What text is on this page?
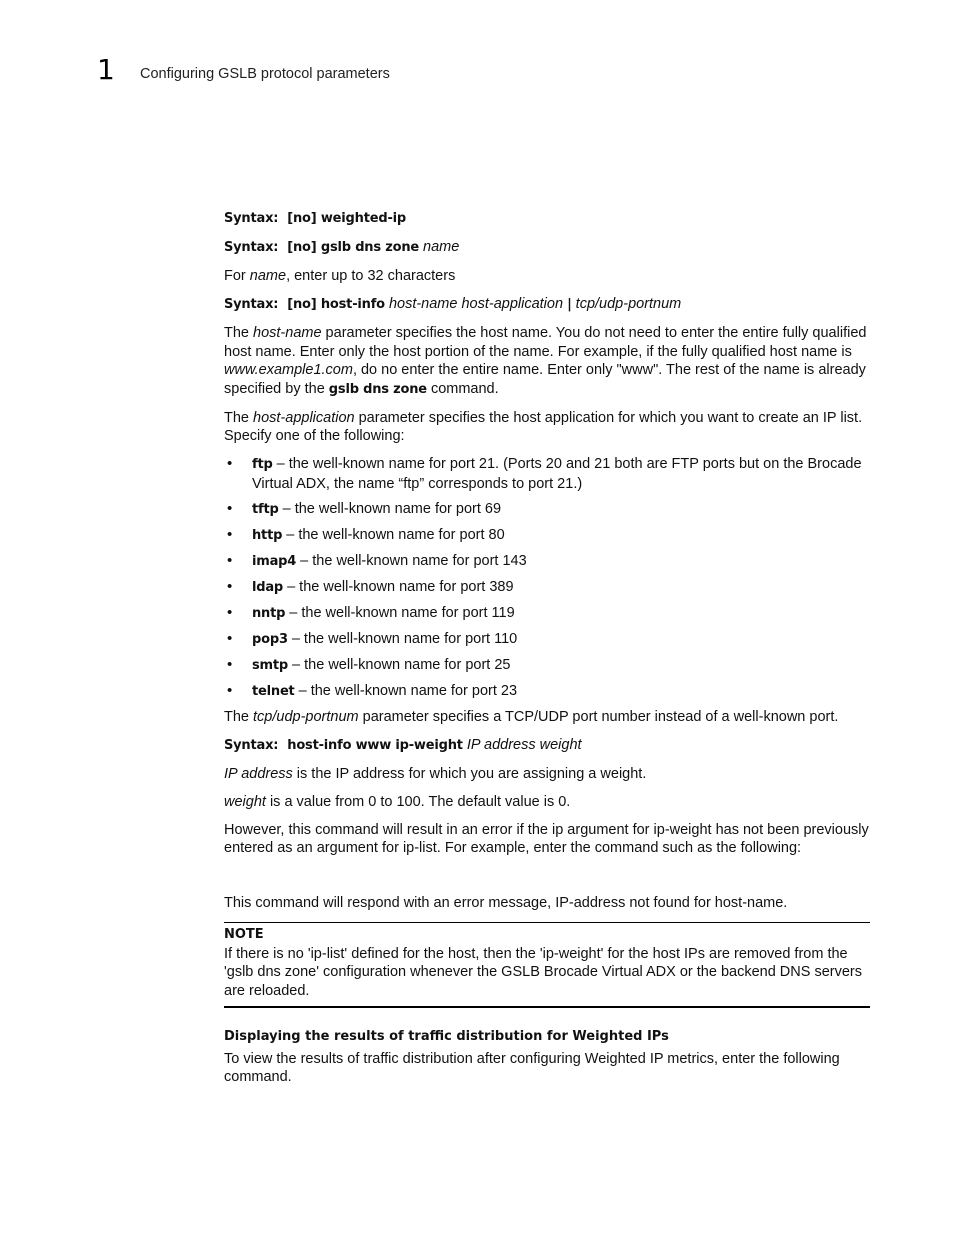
1 Configuring GSLB protocol parameters

Syntax: [no] weighted-ip

Syntax: [no] gslb dns zone name

For name, enter up to 32 characters

Syntax: [no] host-info host-name host-application | tcp/udp-portnum

The host-name parameter specifies the host name. You do not need to enter the entire fully qualified host name. Enter only the host portion of the name. For example, if the fully qualified host name is www.example1.com, do no enter the entire name. Enter only "www". The rest of the name is already specified by the gslb dns zone command.

The host-application parameter specifies the host application for which you want to create an IP list. Specify one of the following:

• ftp – the well-known name for port 21. (Ports 20 and 21 both are FTP ports but on the Brocade Virtual ADX, the name “ftp” corresponds to port 21.)
• tftp – the well-known name for port 69
• http – the well-known name for port 80
• imap4 – the well-known name for port 143
• ldap – the well-known name for port 389
• nntp – the well-known name for port 119
• pop3 – the well-known name for port 110
• smtp – the well-known name for port 25
• telnet – the well-known name for port 23

The tcp/udp-portnum parameter specifies a TCP/UDP port number instead of a well-known port.

Syntax: host-info www ip-weight IP address weight

IP address is the IP address for which you are assigning a weight.

weight is a value from 0 to 100. The default value is 0.

However, this command will result in an error if the ip argument for ip-weight has not been previously entered as an argument for ip-list. For example, enter the command such as the following:

This command will respond with an error message, IP-address not found for host-name.

NOTE
If there is no 'ip-list' defined for the host, then the 'ip-weight' for the host IPs are removed from the 'gslb dns zone' configuration whenever the GSLB Brocade Virtual ADX or the backend DNS servers are reloaded.

Displaying the results of traffic distribution for Weighted IPs

To view the results of traffic distribution after configuring Weighted IP metrics, enter the following command.
